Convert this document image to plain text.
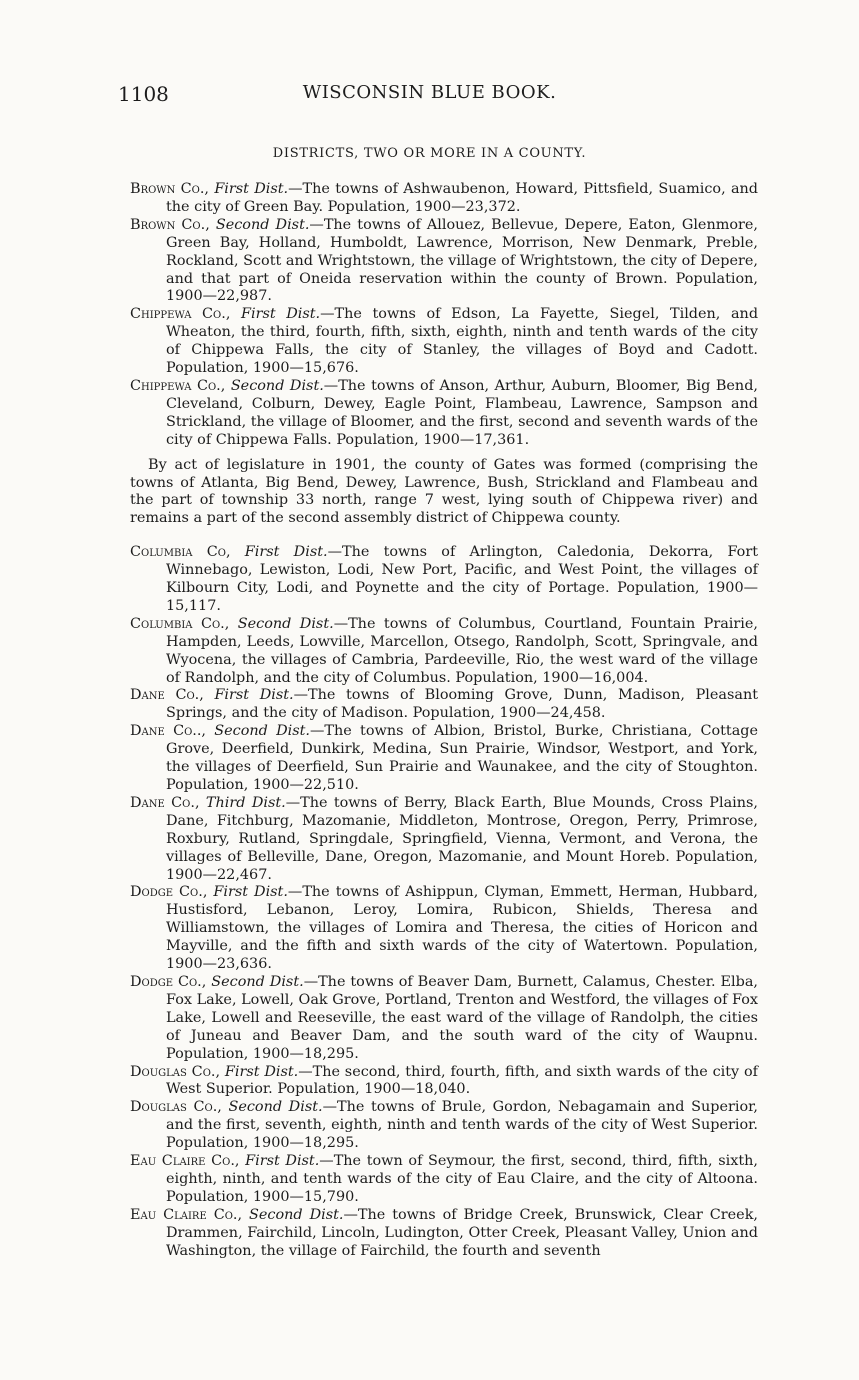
1108	WISCONSIN BLUE BOOK.
DISTRICTS, TWO OR MORE IN A COUNTY.

Brown Co., First Dist.—The towns of Ashwaubenon, Howard, Pittsfield, Suamico, and the city of Green Bay. Population, 1900—23,372.

Brown Co., Second Dist.—The towns of Allouez, Bellevue, Depere, Eaton, Glenmore, Green Bay, Holland, Humboldt, Lawrence, Morrison, New Denmark, Preble, Rockland, Scott and Wrightstown, the village of Wrightstown, the city of Depere, and that part of Oneida reservation within the county of Brown. Population, 1900—22,987.

Chippewa Co., First Dist.—The towns of Edson, La Fayette, Siegel, Tilden, and Wheaton, the third, fourth, fifth, sixth, eighth, ninth and tenth wards of the city of Chippewa Falls, the city of Stanley, the villages of Boyd and Cadott. Population, 1900—15,676.

Chippewa Co., Second Dist.—The towns of Anson, Arthur, Auburn, Bloomer, Big Bend, Cleveland, Colburn, Dewey, Eagle Point, Flambeau, Lawrence, Sampson and Strickland, the village of Bloomer, and the first, second and seventh wards of the city of Chippewa Falls. Population, 1900—17,361.

By act of legislature in 1901, the county of Gates was formed (comprising the towns of Atlanta, Big Bend, Dewey, Lawrence, Bush, Strickland and Flambeau and the part of township 33 north, range 7 west, lying south of Chippewa river) and remains a part of the second assembly district of Chippewa county.

Columbia Co, First Dist.—The towns of Arlington, Caledonia, Dekorra, Fort Winnebago, Lewiston, Lodi, New Port, Pacific, and West Point, the villages of Kilbourn City, Lodi, and Poynette and the city of Portage. Population, 1900—15,117.

Columbia Co., Second Dist.—The towns of Columbus, Courtland, Fountain Prairie, Hampden, Leeds, Lowville, Marcellon, Otsego, Randolph, Scott, Springvale, and Wyocena, the villages of Cambria, Pardeeville, Rio, the west ward of the village of Randolph, and the city of Columbus. Population, 1900—16,004.

Dane Co., First Dist.—The towns of Blooming Grove, Dunn, Madison, Pleasant Springs, and the city of Madison. Population, 1900—24,458.

Dane Co.., Second Dist.—The towns of Albion, Bristol, Burke, Christiana, Cottage Grove, Deerfield, Dunkirk, Medina, Sun Prairie, Windsor, Westport, and York, the villages of Deerfield, Sun Prairie and Waunakee, and the city of Stoughton. Population, 1900—22,510.

Dane Co., Third Dist.—The towns of Berry, Black Earth, Blue Mounds, Cross Plains, Dane, Fitchburg, Mazomanie, Middleton, Montrose, Oregon, Perry, Primrose, Roxbury, Rutland, Springdale, Springfield, Vienna, Vermont, and Verona, the villages of Belleville, Dane, Oregon, Mazomanie, and Mount Horeb. Population, 1900—22,467.

Dodge Co., First Dist.—The towns of Ashippun, Clyman, Emmett, Herman, Hubbard, Hustisford, Lebanon, Leroy, Lomira, Rubicon, Shields, Theresa and Williamstown, the villages of Lomira and Theresa, the cities of Horicon and Mayville, and the fifth and sixth wards of the city of Watertown. Population, 1900—23,636.

Dodge Co., Second Dist.—The towns of Beaver Dam, Burnett, Calamus, Chester. Elba, Fox Lake, Lowell, Oak Grove, Portland, Trenton and Westford, the villages of Fox Lake, Lowell and Reeseville, the east ward of the village of Randolph, the cities of Juneau and Beaver Dam, and the south ward of the city of Waupnu. Population, 1900—18,295.

Douglas Co., First Dist.—The second, third, fourth, fifth, and sixth wards of the city of West Superior. Population, 1900—18,040.

Douglas Co., Second Dist.—The towns of Brule, Gordon, Nebagamain and Superior, and the first, seventh, eighth, ninth and tenth wards of the city of West Superior. Population, 1900—18,295.

Eau Claire Co., First Dist.—The town of Seymour, the first, second, third, fifth, sixth, eighth, ninth, and tenth wards of the city of Eau Claire, and the city of Altoona. Population, 1900—15,790.

Eau Claire Co., Second Dist.—The towns of Bridge Creek, Brunswick, Clear Creek, Drammen, Fairchild, Lincoln, Ludington, Otter Creek, Pleasant Valley, Union and Washington, the village of Fairchild, the fourth and seventh
